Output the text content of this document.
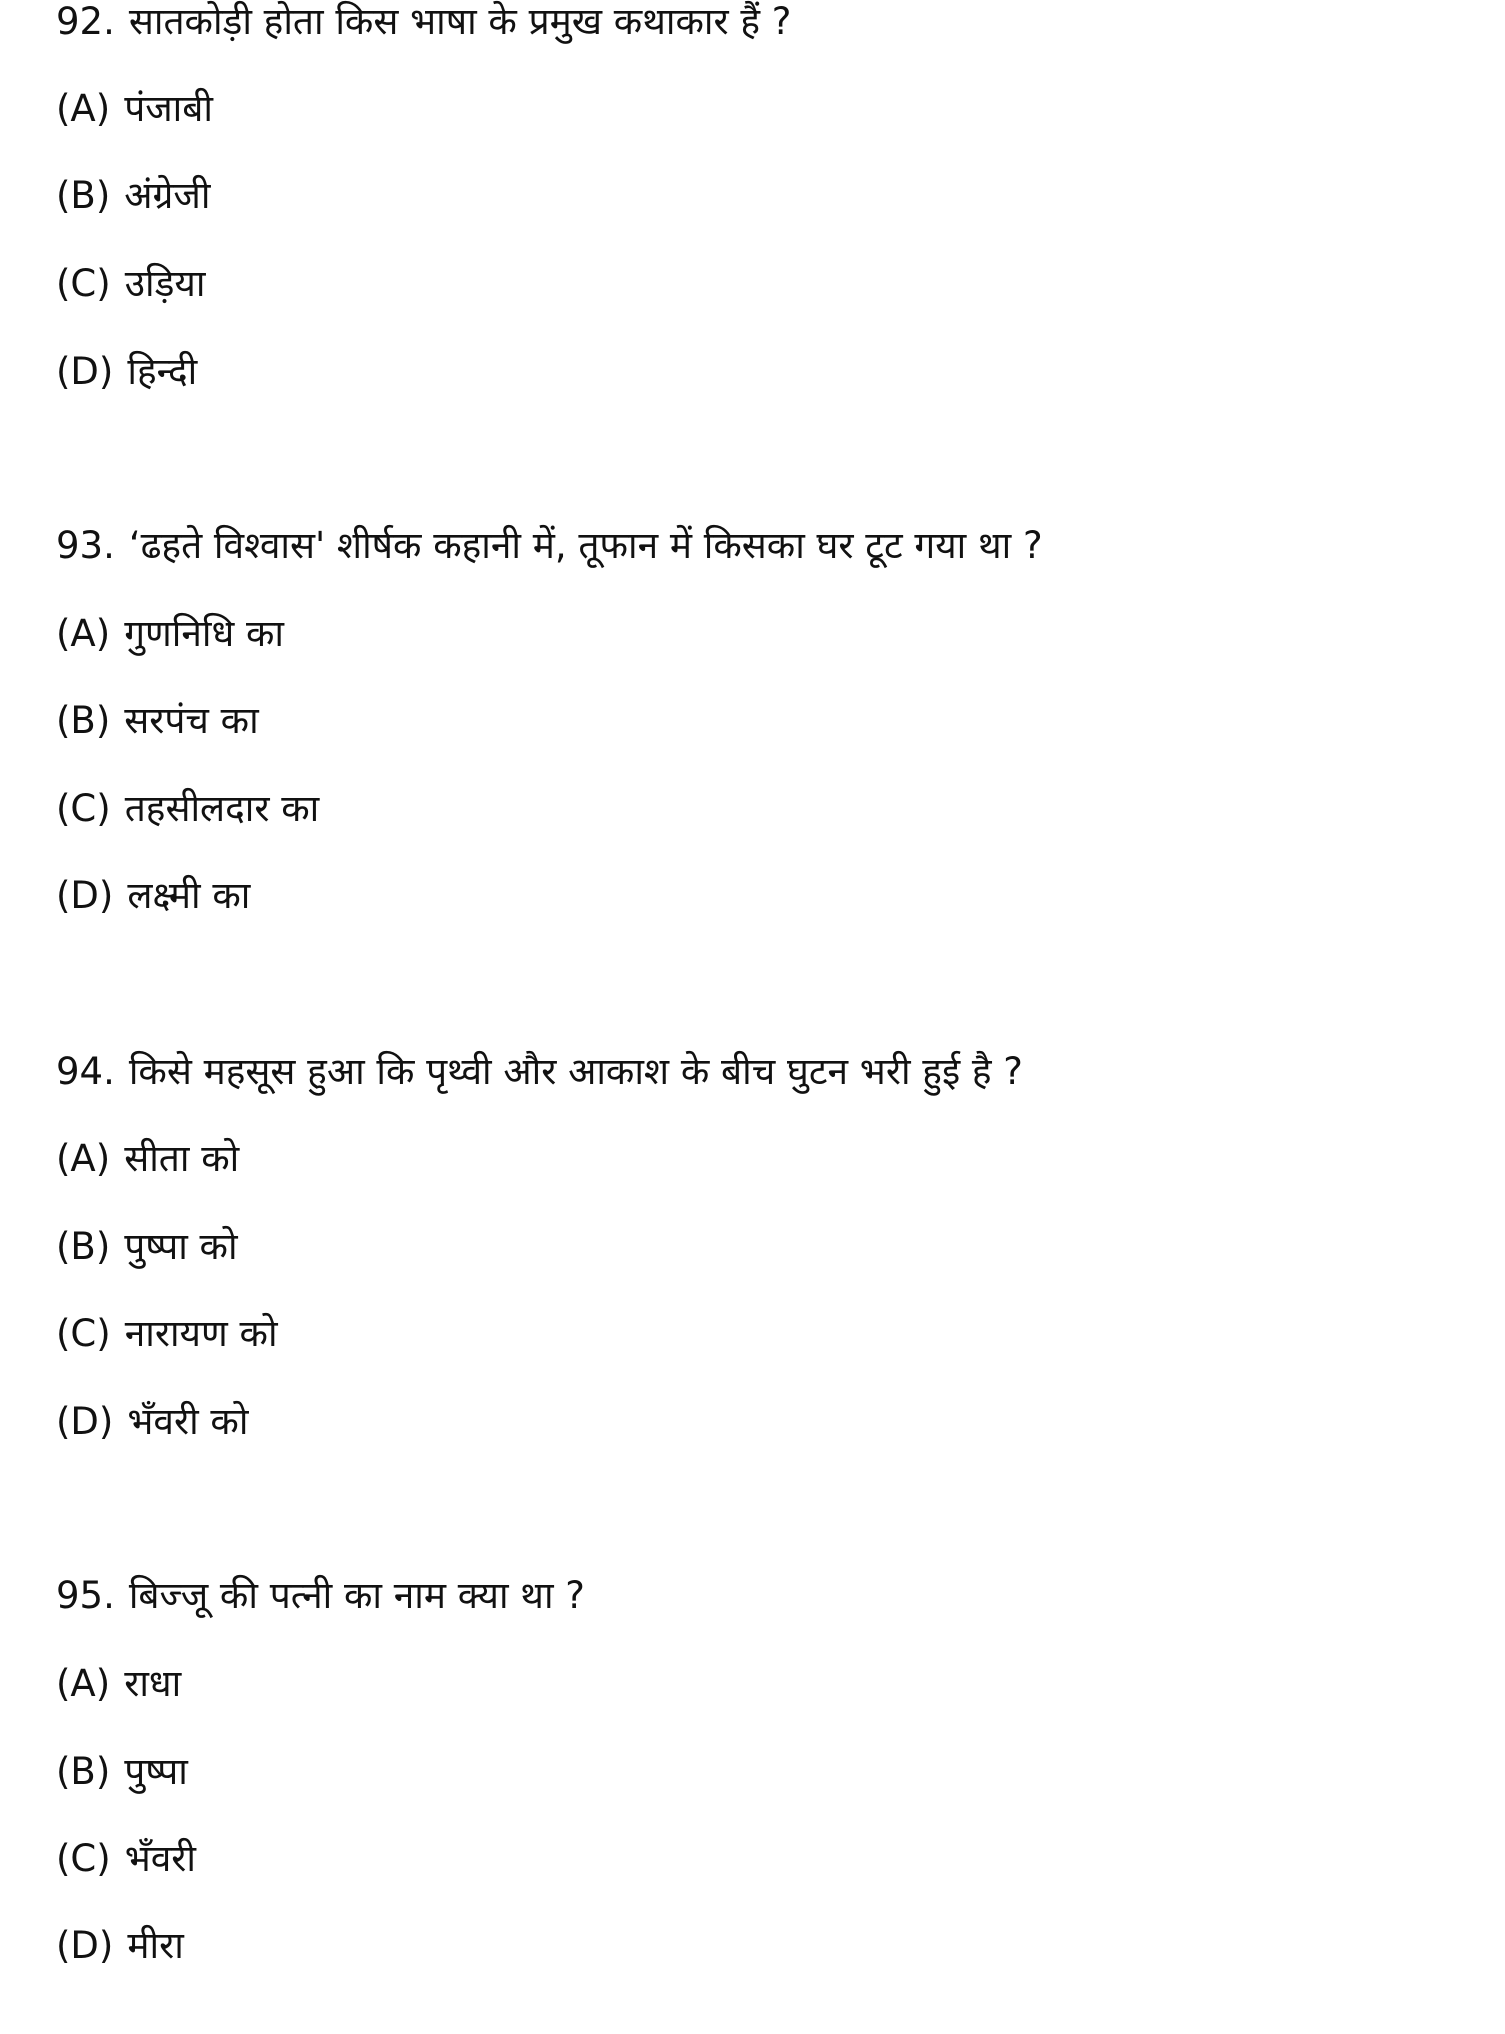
92. सातकोड़ी होता किस भाषा के प्रमुख कथाकार हैं ?
(A) पंजाबी
(B) अंग्रेजी
(C) उड़िया
(D) हिन्दी
93. ‘ढहते विश्वास' शीर्षक कहानी में, तूफान में किसका घर टूट गया था ?
(A) गुणनिधि का
(B) सरपंच का
(C) तहसीलदार का
(D) लक्ष्मी का
94. किसे महसूस हुआ कि पृथ्वी और आकाश के बीच घुटन भरी हुई है ?
(A) सीता को
(B) पुष्पा को
(C) नारायण को
(D) भँवरी को
95. बिज्जू की पत्नी का नाम क्या था ?
(A) राधा
(B) पुष्पा
(C) भँवरी
(D) मीरा
